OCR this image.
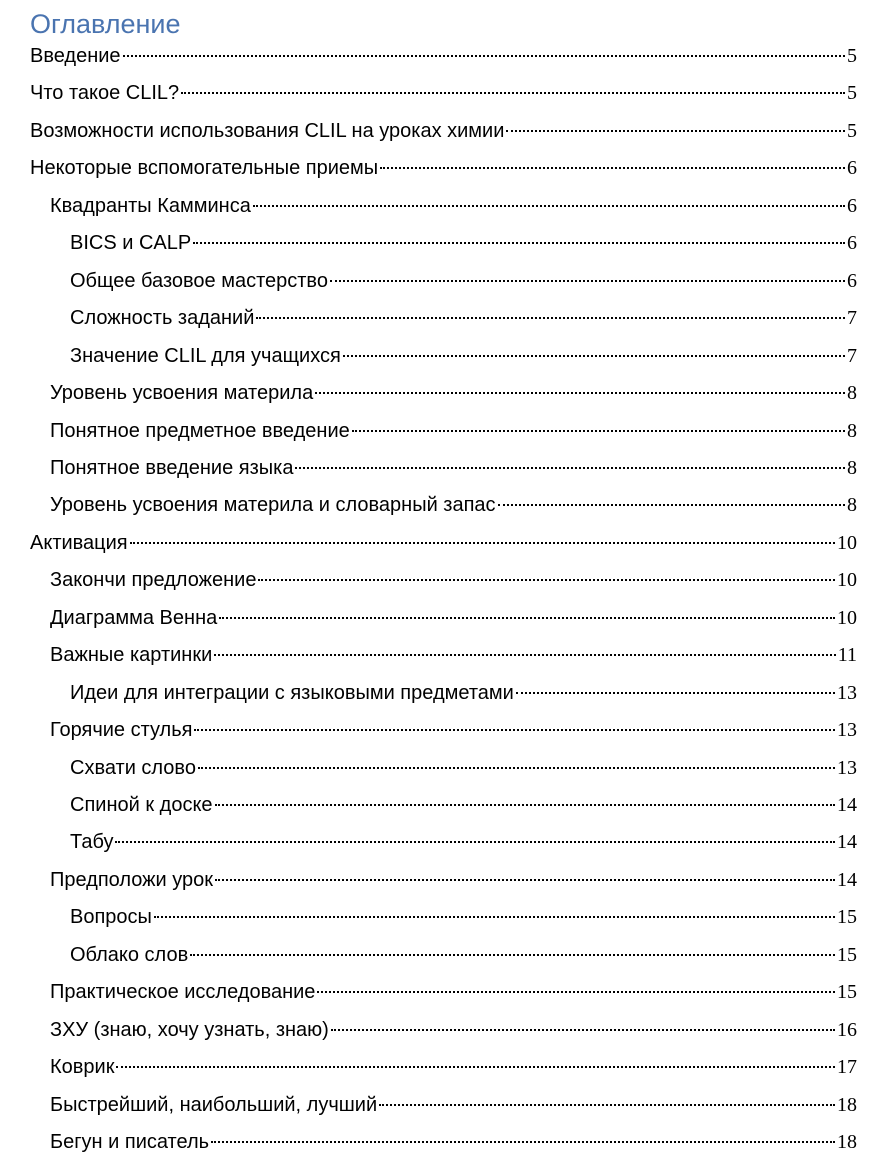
Оглавление
Введение	5
Что такое CLIL?	5
Возможности использования CLIL на уроках химии	5
Некоторые вспомогательные приемы	6
Квадранты Камминса	6
BICS и CALP	6
Общее базовое мастерство	6
Сложность заданий	7
Значение CLIL для учащихся	7
Уровень усвоения материла	8
Понятное предметное введение	8
Понятное введение языка	8
Уровень усвоения материла и словарный запас	8
Активация	10
Закончи предложение	10
Диаграмма Венна	10
Важные картинки	11
Идеи для интеграции с языковыми предметами	13
Горячие стулья	13
Схвати слово	13
Спиной к доске	14
Табу	14
Предположи урок	14
Вопросы	15
Облако слов	15
Практическое исследование	15
ЗХУ (знаю, хочу узнать, знаю)	16
Коврик	17
Быстрейший, наибольший, лучший	18
Бегун и писатель	18
